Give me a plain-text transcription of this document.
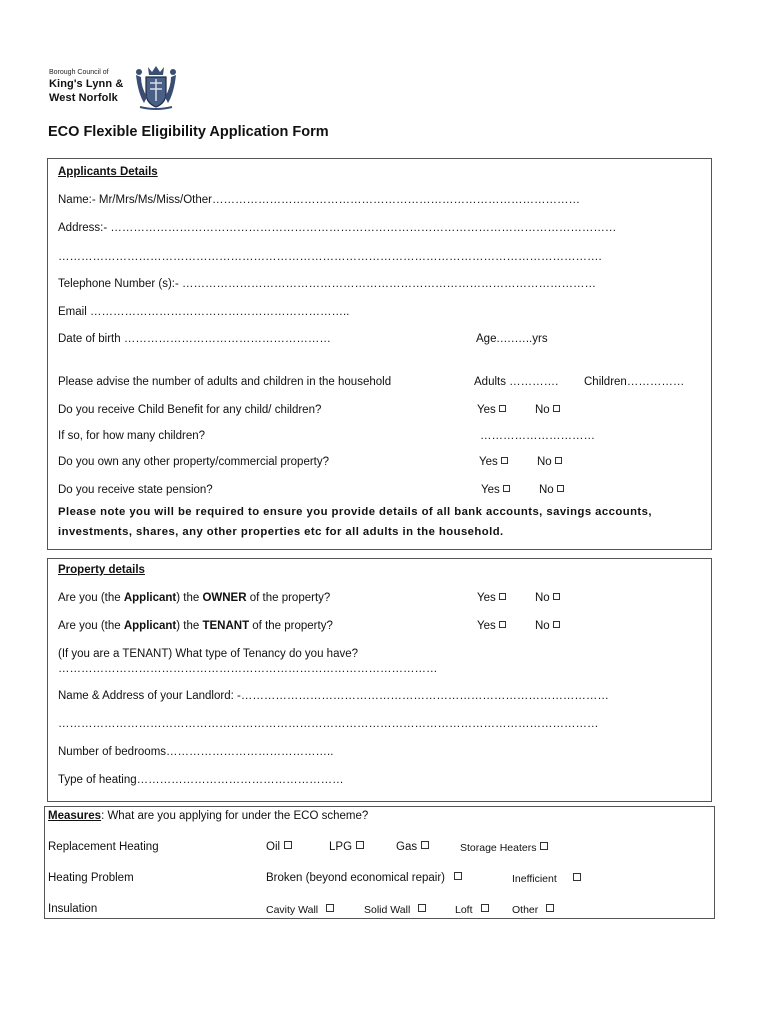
Borough Council of
King's Lynn &
West Norfolk
ECO Flexible Eligibility Application Form
Applicants Details
Name:- Mr/Mrs/Ms/Miss/Other……………………………………………………………………………………
Address:- ……………………………………………………………………………………………………………………
…………………………………………………………………………………………………………………………….
Telephone Number (s):- ………………………………………………………………………………………………
Email …………………………………………………………..
Date of birth ………………………………………………	Age.….…..yrs
Please advise the number of adults and children in the household	Adults …………. Children……………
Do you receive Child Benefit for any child/ children?	Yes	No
If so, for how many children?	…………………………
Do you own any other property/commercial property?	Yes	No
Do you receive state pension?	Yes	No
Please note you will be required to ensure you provide details of all bank accounts, savings accounts,
investments, shares, any other properties etc for all adults in the household.
Property details
Are you (the Applicant) the OWNER of the property?	Yes	No
Are you (the Applicant) the TENANT of the property?	Yes	No
(If you are a TENANT) What type of Tenancy do you have?
………………………………………………………………………………………
Name & Address of your Landlord: -……………………………………………………………………………………
……………………………………………………………………………………………………………………………
Number of bedrooms……………………………………..
Type of heating………………………………………………
Measures: What are you applying for under the ECO scheme?
Replacement Heating	Oil	LPG	Gas	Storage Heaters
Heating Problem	Broken (beyond economical repair)	Inefficient
Insulation	Cavity Wall	Solid Wall	Loft	Other
